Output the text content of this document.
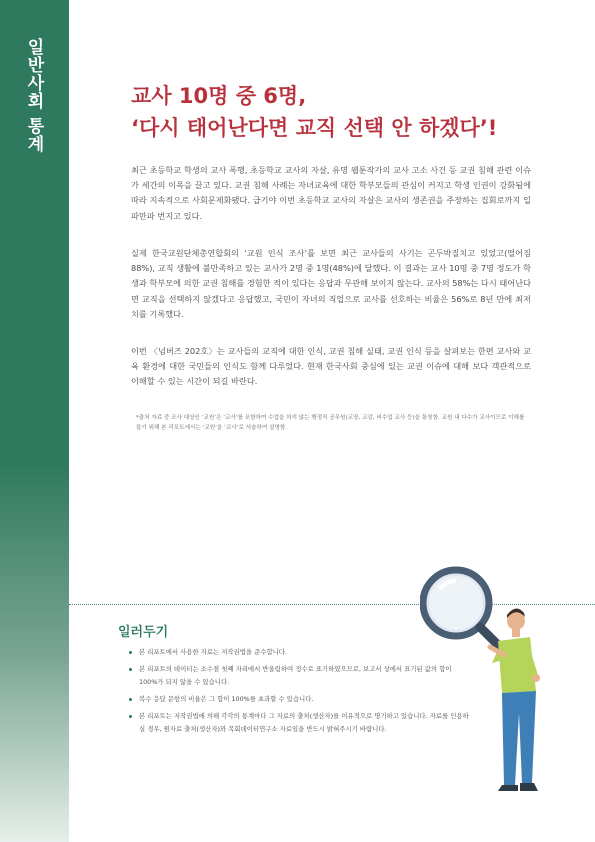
일반사회 통계	교사 10명 중 6명,
‘다시 태어난다면 교직 선택 안 하겠다’!

최근 초등학교 학생의 교사 폭행, 초등학교 교사의 자살, 유명 웹툰작가의 교사 고소 사건 등 교권 침해 관련 이슈가 세간의 이목을 끌고 있다. 교권 침해 사례는 자녀교육에 대한 학부모들의 관심이 커지고 학생 인권이 강화됨에 따라 지속적으로 사회문제화됐다. 급기야 이번 초등학교 교사의 자살은 교사의 생존권을 주장하는 집회로까지 일파만파 번지고 있다.

실제 한국교원단체총연합회의 ‘교원 인식 조사’를 보면 최근 교사들의 사기는 곤두박질치고 있었고(떨어짐 88%), 교직 생활에 불만족하고 있는 교사가 2명 중 1명(48%)에 달했다. 이 결과는 교사 10명 중 7명 정도가 학생과 학부모에 의한 교권 침해를 경험한 적이 있다는 응답과 무관해 보이지 않는다. 교사의 58%는 다시 태어난다면 교직을 선택하지 않겠다고 응답했고, 국민이 자녀의 직업으로 교사를 선호하는 비율은 56%로 8년 만에 최저치를 기록했다.

이번 〈넘버즈 202호〉는 교사들의 교직에 대한 인식, 교권 침해 실태, 교권 인식 등을 살펴보는 한편 교사와 교육 환경에 대한 국민들의 인식도 함께 다루었다. 현재 한국사회 중심에 있는 교권 이슈에 대해 보다 객관적으로 이해할 수 있는 시간이 되길 바란다.

*출처 자료 중 조사 대상인 ‘교원’은 ‘교사’를 포함하여 수업을 하지 않는 행정직 공무원(교장, 교감, 비수업 교사 등)을 통칭함. 교원 내 다수가 교사이므로 이해를 돕기 위해 본 리포트에서는 ‘교원’을 ‘교사’로 서술하여 설명함.

일러두기
본 리포트에서 사용한 자료는 저작권법을 준수합니다.
본 리포트의 데이터는 소수점 첫째 자리에서 반올림하여 정수로 표기하였으므로, 보고서 상에서 표기된 값의 합이 100%가 되지 않을 수 있습니다.
복수 응답 문항의 비율은 그 합이 100%를 초과할 수 있습니다.
본 리포트는 저작권법에 의해 각각의 통계마다 그 자료의 출처(생산자)를 이유적으로 명기하고 있습니다. 자료를 인용하실 경우, 원자료 출처(생산자)와 목회데이터연구소 자료임을 반드시 밝혀주시기 바랍니다.
